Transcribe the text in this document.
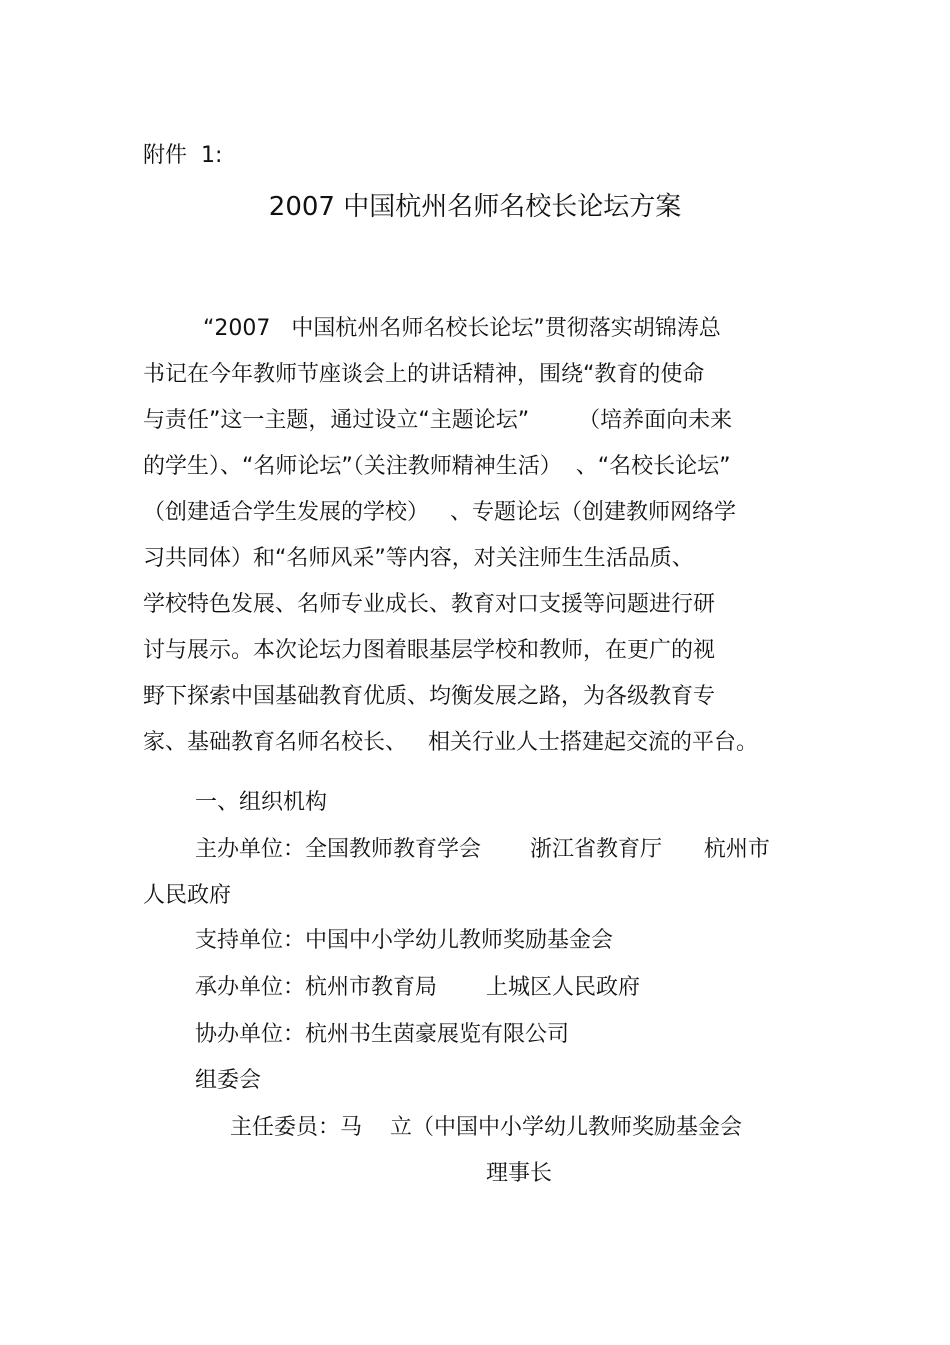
附件  1:
2007 中国杭州名师名校长论坛方案
“2007   中国杭州名师名校长论坛”贯彻落实胡锦涛总
书记在今年教师节座谈会上的讲话精神，围绕“教育的使命
与责任”这一主题，通过设立“主题论坛”       （培养面向未来
的学生）、“名师论坛”（关注教师精神生活）  、“名校长论坛”
（创建适合学生发展的学校）   、专题论坛（创建教师网络学
习共同体）和“名师风采”等内容，对关注师生生活品质、
学校特色发展、名师专业成长、教育对口支援等问题进行研
讨与展示。本次论坛力图着眼基层学校和教师，在更广的视
野下探索中国基础教育优质、均衡发展之路，为各级教育专
家、基础教育名师名校长、   相关行业人士搭建起交流的平台。
一、组织机构
主办单位：全国教师教育学会       浙江省教育厅      杭州市
人民政府
支持单位：中国中小学幼儿教师奖励基金会
承办单位：杭州市教育局       上城区人民政府
协办单位：杭州书生茵豪展览有限公司
组委会
主任委员：马    立（中国中小学幼儿教师奖励基金会
理事长
